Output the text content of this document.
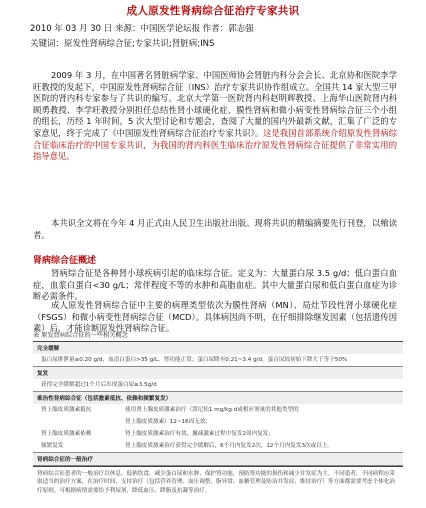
成人原发性肾病综合征治疗专家共识
2010 年 03 月 30 日 来源：中国医学论坛报 作者：郭志强
关键词：原发性肾病综合征;专家共识;肾脏病;INS

2009 年 3 月，在中国著名肾脏病学家、中国医师协会肾脏内科分会会长、北京协和医院李学旺教授的发起下，中国原发性肾病综合征（INS）治疗专家共识协作组成立。全国共 14 家大型三甲医院的肾内科专家参与了共识的编写。北京大学第一医院肾内科赵明辉教授、上海华山医院肾内科顾勇教授、李学旺教授分别担任总结性肾小球硬化症、膜性肾病和微小病变性肾病综合征三个小组的组长，历经 1 年时间，5 次大型讨论和专题会，查阅了大量的国内外最新文献，汇集了广泛的专家意见，终于完成了《中国原发性肾病综合征治疗专家共识》。这是我国首部系统介绍原发性肾病综合征临床治疗的中国专家共识，为我国的肾内科医生临床治疗原发性肾病综合征提供了非常实用的指导意见。

本共识全文将在今年 4 月正式由人民卫生出版社出版。现将共识的精编摘要先行刊登，以飨读者。

肾病综合征概述

肾病综合征是各种肾小球疾病引起的临床综合征。定义为：大量蛋白尿 3.5 g/d；低白蛋白血症，血浆白蛋白<30 g/L；常伴程度不等的水肿和高脂血症。其中大量蛋白尿和低白蛋白血症为诊断必需条件。

成人原发性肾病综合征中主要的病理类型依次为膜性肾病（MN）、局灶节段性肾小球硬化症（FSGS）和微小病变性肾病综合征（MCD）。具体病因尚不明，在仔细排除继发因素（包括遗传因素）后，才能诊断原发性肾病综合征。

表 原发肾病综合征的一些相关概念
完全缓解
蛋白尿排泄量≤0.20 g/d，血清白蛋白>35 g/L，肾功能正常；蛋白尿降至0.21~3.4 g/d，蛋白尿较初始下降大于等于50%
复发
获得完全缓解超过1个月后出现蛋白尿≥3.5g/d
难治性肾病综合征（包括激素抵抗、依赖和频繁复发）
肾上腺皮质激素抵抗	使用肾上腺皮质激素治疗（泼尼松1 mg/kg·d或相应剂量的其他类型的
肾上腺皮质激素）12~16周无效；
肾上腺皮质激素依赖	肾上腺皮质激素治疗有效，撤减激素过程中复发2周内复发；
频繁复发	肾上腺皮质激素治疗获得完全缓解后，6个月内复发2次，12个月内复发3次或以上。
肾病综合征的一般治疗
肾病综合征患者的一般治疗以休息、低钠饮食、减少蛋白尿和水肿、保护肾功能，预防肾功能的损伤和减少并发症为主。不同患者，不同病程应采取适当的治疗方案，在治疗时间，支持治疗（包括营养管理、血压调整、脂异常、血糖管理及防治并发症、维持治疗）等方面都需要考虑个体化治疗原则。可根据病情需要给予利尿剂，降低血压、降脂及抗凝等治疗。
